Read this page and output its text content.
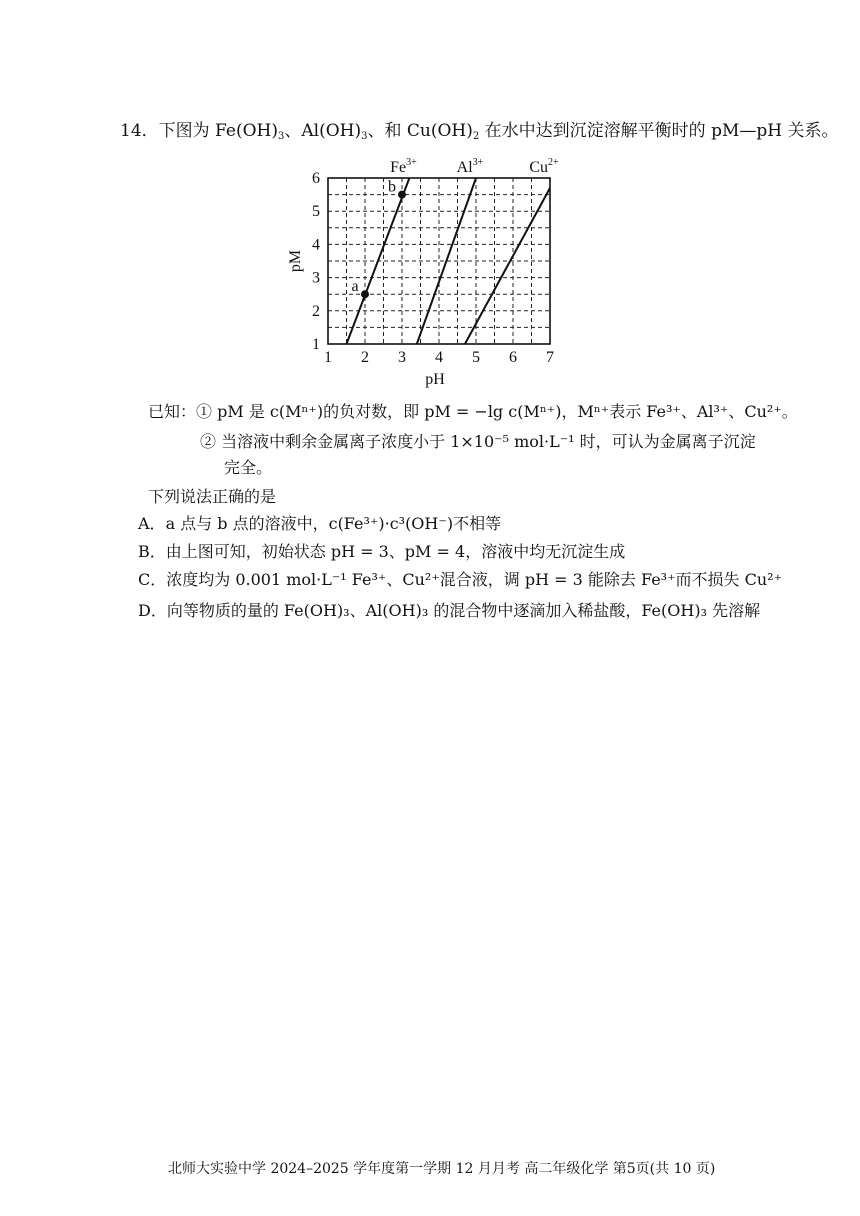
14．下图为 $Fe(OH)_3$、$Al(OH)_3$、和 $Cu(OH)_2$ 在水中达到沉淀溶解平衡时的 pM—pH 关系。
a
b
1 2 3 4 5 6 7
1
2
3
4
5
6
$Fe^{3+}$ $Al^{3+}$	$Cu^{2+}$
pH
pM
已知：① pM 是 c(Mⁿ⁺)的负对数，即 pM = −lg c(Mⁿ⁺)，Mⁿ⁺表示 Fe³⁺、Al³⁺、Cu²⁺。
② 当溶液中剩余金属离子浓度小于 1×10⁻⁵ mol·L⁻¹ 时，可认为金属离子沉淀
完全。
下列说法正确的是
A．a 点与 b 点的溶液中，c(Fe³⁺)·c³(OH⁻)不相等
B．由上图可知，初始状态 pH = 3、pM = 4，溶液中均无沉淀生成
C．浓度均为 0.001 mol·L⁻¹ Fe³⁺、Cu²⁺混合液，调 pH = 3 能除去 Fe³⁺而不损失 Cu²⁺
D．向等物质的量的 Fe(OH)₃、Al(OH)₃ 的混合物中逐滴加入稀盐酸，Fe(OH)₃ 先溶解
北师大实验中学 2024–2025 学年度第一学期 12 月月考 高二年级化学 第5页(共 10 页)
